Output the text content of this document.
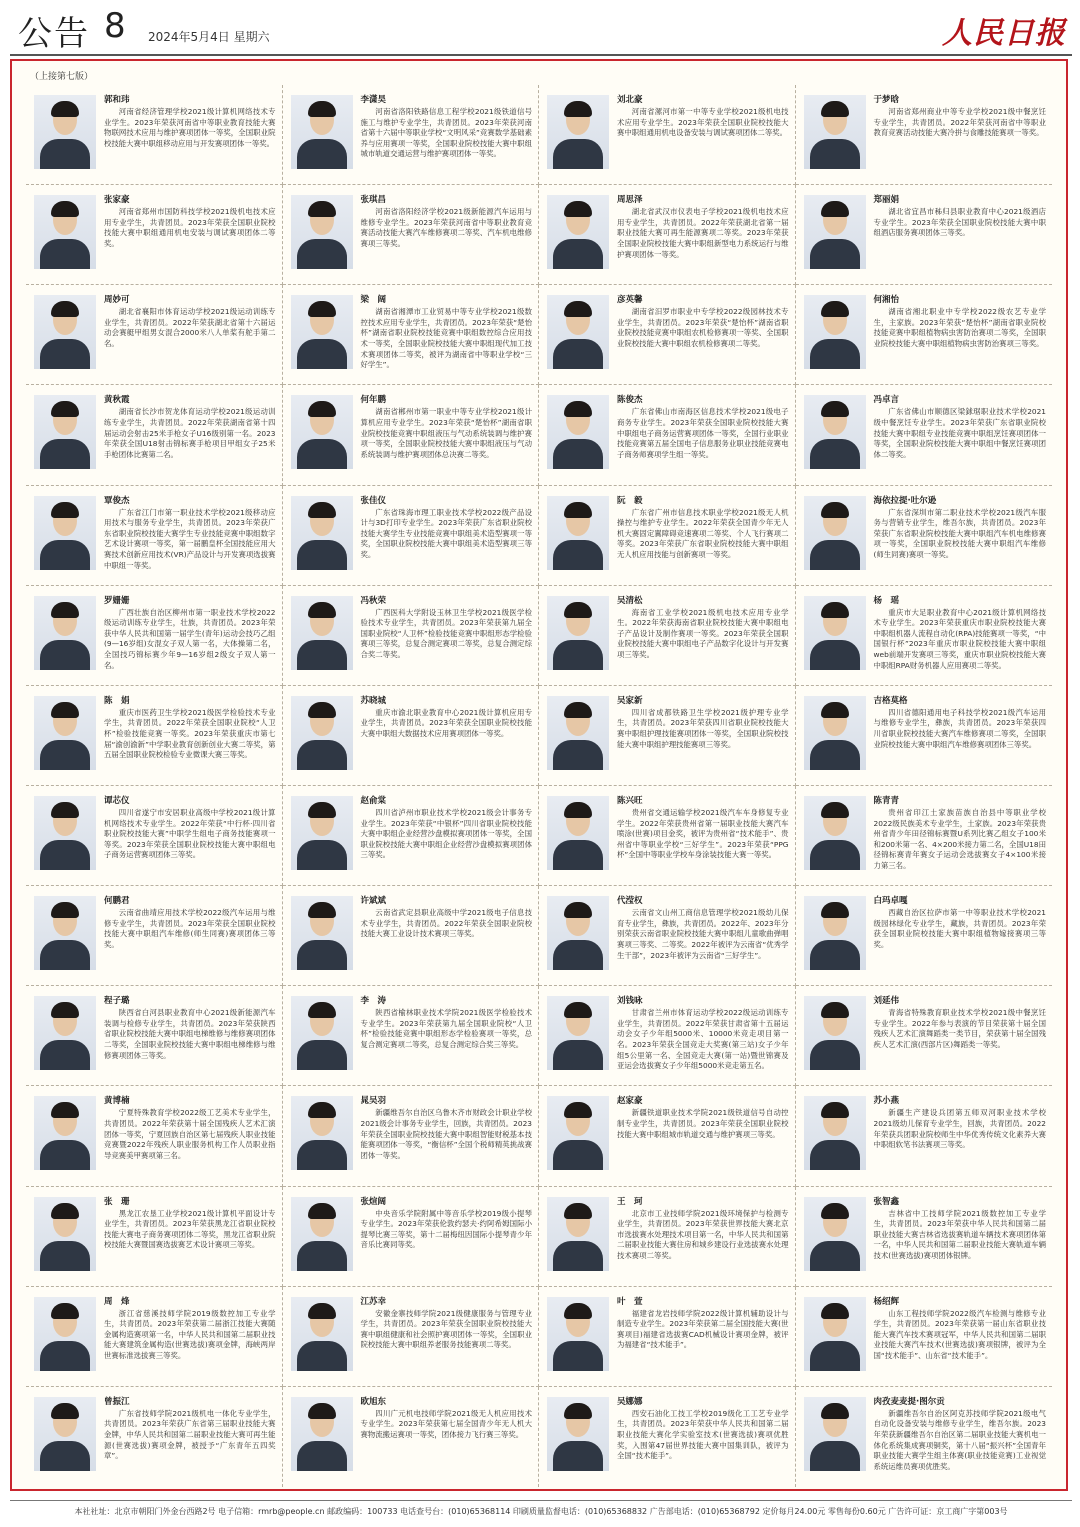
公告 8 2024年5月4日 星期六	人民日报
（上接第七版）
郭和玮

河南省经济管理学校2021级计算机网络技术专业学生。2023年荣获河南省中等职业教育技能大赛物联网技术应用与维护赛项团体一等奖，全国职业院校技能大赛中职组移动应用与开发赛项团体一等奖。

李潇昊

河南省洛阳铁路信息工程学校2021级铁道信号施工与维护专业学生，共青团员。2023年荣获河南省第十六届中等职业学校“文明风采”竞赛数学基础素养与应用赛项一等奖，全国职业院校技能大赛中职组城市轨道交通运营与维护赛项团体一等奖。

刘北豪

河南省漯河市第一中等专业学校2021级机电技术应用专业学生。2023年荣获全国职业院校技能大赛中职组通用机电设备安装与调试赛项团体二等奖。

于梦晗

河南省郑州商业中等专业学校2021级中餐烹饪专业学生，共青团员。2022年荣获河南省中等职业教育竞赛活动技能大赛冷拼与食雕技能赛项一等奖。

张家豪

河南省郑州市国防科技学校2021级机电技术应用专业学生，共青团员。2023年荣获全国职业院校技能大赛中职组通用机电安装与调试赛项团体二等奖。

张琪昌

河南省洛阳经济学校2021级新能源汽车运用与维修专业学生。2023年荣获河南省中等职业教育竞赛活动技能大赛汽车维修赛项二等奖、汽车机电维修赛项三等奖。

周思泽

湖北省武汉市仪表电子学校2021级机电技术应用专业学生，共青团员。2022年荣获湖北省第一届职业技能大赛可再生能源赛项二等奖。2023年荣获全国职业院校技能大赛中职组新型电力系统运行与维护赛项团体一等奖。

郑丽娟

湖北省宜昌市秭归县职业教育中心2021级酒店专业学生。2023年荣获全国职业院校技能大赛中职组酒店服务赛项团体三等奖。

周妙可

湖北省襄阳市体育运动学校2021级运动训练专业学生，共青团员。2022年荣获湖北省第十六届运动会赛艇甲组男女混合2000米八人单桨有舵手第二名。

梁　阔

湖南省湘潭市工业贸易中等专业学校2021级数控技术应用专业学生，共青团员。2023年荣获“楚怡杯”湖南省职业院校技能竞赛中职组数控综合应用技术一等奖，全国职业院校技能大赛中职组现代加工技术赛项团体二等奖，被评为湖南省中等职业学校“三好学生”。

彦英馨

湖南省汨罗市职业中专学校2022级园林技术专业学生，共青团员。2023年荣获“楚怡杯”湖南省职业院校技能竞赛中职组农机检修赛项一等奖、全国职业院校技能大赛中职组农机检修赛项二等奖。

何湘怡

湖南省湘北职业中专学校2022级农艺专业学生，主家族。2023年荣获“楚怡杯”湖南省职业院校技能竞赛中职组植物病虫害防治赛项二等奖，全国职业院校技能大赛中职组植物病虫害防治赛项三等奖。

黄秋霞

湖南省长沙市贺龙体育运动学校2021级运动训练专业学生，共青团员。2022年荣获湖南省第十四届运动会射击25米手枪女子U16级别第一名。2023年荣获全国U18射击锦标赛手枪项目甲组女子25米手枪团体比赛第二名。

何年鹏

湖南省郴州市第一职业中等专业学校2021级计算机应用专业学生。2023年荣获“楚怡杯”湖南省职业院校技能竞赛中职组液压与气动系统装调与维护赛项一等奖，全国职业院校技能大赛中职组液压与气动系统装调与维护赛项团体总决赛二等奖。

陈俊杰

广东省佛山市南海区信息技术学校2021级电子商务专业学生。2023年荣获全国职业院校技能大赛中职组电子商务运营赛项团体一等奖，全国行业职业技能竞赛第五届全国电子信息服务业职业技能竞赛电子商务师赛项学生组一等奖。

冯卓言

广东省佛山市顺德区梁銶琚职业技术学校2021级中餐烹饪专业学生。2023年荣获广东省职业院校技能大赛中职组专业技能竞赛中职组烹饪赛项团体一等奖，全国职业院校技能大赛中职组中餐烹饪赛项团体二等奖。

覃俊杰

广东省江门市第一职业技术学校2021级移动应用技术与服务专业学生，共青团员。2023年荣获广东省职业院校技能大赛学生专业技能竞赛中职组数字艺术设计赛项一等奖，第一届鹏皇杯全国技能应用大赛技术创新应用技术(VR)产品设计与开发赛项选拔赛中职组一等奖。

张佳仪

广东省珠海市理工职业技术学校2022级产品设计与3D打印专业学生。2023年荣获广东省职业院校技能大赛学生专业技能竞赛中职组美术造型赛项一等奖，全国职业院校技能大赛中职组美术造型赛项三等奖。

阮　毅

广东省广州市信息技术职业学校2021级无人机操控与维护专业学生。2022年荣获全国青少年无人机大赛固定翼障碍竞速赛项二等奖、个人飞行赛项二等奖。2023年荣获广东省职业院校技能大赛中职组无人机应用技能与创新赛项一等奖。

海依拉提·吐尔逊

广东省深圳市第二职业技术学校2021级汽车服务与营销专业学生，维吾尔族，共青团员。2023年荣获广东省职业院校技能大赛中职组汽车机电维修赛项一等奖，全国职业院校技能大赛中职组汽车维修(师生同赛)赛项一等奖。

罗姗姗

广西壮族自治区柳州市第一职业技术学校2022级运动训练专业学生，壮族，共青团员。2023年荣获中华人民共和国第一届学生(青年)运动会技巧乙组(9—16岁组)女混女子双人第一名，大体操第二名，全国技巧锦标赛少年9—16岁组2级女子双人第一名。

冯秋荣

广西医科大学附设玉林卫生学校2021级医学检验技术专业学生，共青团员。2023年荣获第九届全国职业院校“人卫杯”检验技能竞赛中职组形态学检验赛项三等奖，总复合测定赛项二等奖，总复合测定综合奖二等奖。

吴清松

海南省工业学校2021级机电技术应用专业学生。2022年荣获海南省职业院校技能大赛中职组电子产品设计及制作赛项一等奖。2023年荣获全国职业院校技能大赛中职组电子产品数字化设计与开发赛项三等奖。

杨　瑶

重庆市大足职业教育中心2021级计算机网络技术专业学生。2023年荣获重庆市职业院校技能大赛中职组机器人流程自动化(RPA)技能赛项一等奖，“中国银行杯”2023年重庆市职业院校技能大赛中职组web前端开发赛项三等奖，重庆市职业院校技能大赛中职组RPA财务机器人应用赛项二等奖。

陈　娟

重庆市医药卫生学校2021级医学检验技术专业学生，共青团员。2022年荣获全国职业院校“人卫杯”检验技能竞赛一等奖。2023年荣获重庆市第七届“渝创渝新”中学职业教育创新创业大赛二等奖，第五届全国职业院校检验专业微课大赛三等奖。

苏晓城

重庆市渝北职业教育中心2021级计算机应用专业学生，共青团员。2023年荣获全国职业院校技能大赛中职组大数据技术应用赛项团体一等奖。

吴家新

四川省成都铁路卫生学校2021级护理专业学生，共青团员。2023年荣获四川省职业院校技能大赛中职组护理技能赛项团体一等奖，全国职业院校技能大赛中职组护理技能赛项三等奖。

吉格莫格

四川省德阳通用电子科技学校2021级汽车运用与维修专业学生，彝族，共青团员。2023年荣获四川省职业院校技能大赛汽车维修赛项二等奖，全国职业院校技能大赛中职组汽车维修赛项团体三等奖。

谭芯仪

四川省遂宁市安居职业高级中学校2021级计算机网络技术专业学生。2022年荣获“中行杯·四川省职业院校技能大赛”中职学生组电子商务技能赛项一等奖。2023年荣获全国职业院校技能大赛中职组电子商务运营赛项团体三等奖。

赵俞棠

四川省泸州市职业技术学校2021级会计事务专业学生。2023年荣获“中银杯”四川省职业院校技能大赛中职组企业经营沙盘模拟赛项团体一等奖，全国职业院校技能大赛中职组企业经营沙盘模拟赛项团体三等奖。

陈兴旺

贵州省交通运输学校2021级汽车车身修复专业学生。2022年荣获贵州省第一届职业技能大赛汽车喷涂(世赛)项目金奖，被评为贵州省“技术能手”、贵州省中等职业学校“三好学生”。2023年荣获“PPG杯”全国中等职业学校车身涂装技能大赛一等奖。

陈青青

贵州省印江土家族苗族自治县中等职业学校2022级民族美术专业学生，土家族。2023年荣获贵州省青少年田径锦标赛暨U系列比赛乙组女子100米和200米第一名、4×200米接力第二名，全国U18田径锦标赛青年赛女子运动会选拔赛女子4×100米接力第三名。

何鹏君

云南省曲靖应用技术学校2022级汽车运用与维修专业学生，共青团员。2023年荣获全国职业院校技能大赛中职组汽车维修(师生同赛)赛项团体三等奖。

许斌斌

云南省武定县职业高级中学2021级电子信息技术专业学生，共青团员。2022年荣获全国职业院校技能大赛工业设计技术赛项三等奖。

代滢权

云南省文山州工商信息管理学校2021级幼儿保育专业学生，彝族，共青团员。2022年、2023年分别荣获云南省职业院校技能大赛中职组儿童歌曲弹唱赛项三等奖、二等奖。2022年被评为云南省“优秀学生干部”，2023年被评为云南省“三好学生”。

白玛卓嘎

西藏自治区拉萨市第一中等职业技术学校2021级园林绿化专业学生，藏族，共青团员。2023年荣获全国职业院校技能大赛中职组植物嫁接赛项三等奖。

程子璐

陕西省白河县职业教育中心2021级新能源汽车装调与检修专业学生，共青团员。2023年荣获陕西省职业院校技能大赛中职组电梯维修与维修赛项团体二等奖，全国职业院校技能大赛中职组电梯维修与维修赛项团体三等奖。

李　涛

陕西省榆林职业技术学院2021级医学检验技术专业学生。2023年荣获第九届全国职业院校“人卫杯”检验技能竞赛中职组形态学检验赛项一等奖，总复合测定赛项二等奖，总复合测定综合奖三等奖。

刘钱咏

甘肃省兰州市体育运动学校2022级运动训练专业学生，共青团员。2022年荣获甘肃省第十五届运动会女子少年组5000米、10000米竞走项目第一名。2023年荣获全国竞走大奖赛(第三站)女子少年组5公里第一名、全国竞走大赛(第一站)暨世锦赛及亚运会选拔赛女子少年组5000米竞走第五名。

刘延伟

青海省特殊教育职业技术学校2021级中餐烹饪专业学生。2022年参与表演的节目荣获第十届全国残疾人艺术汇演舞蹈类一类节目，荣获第十届全国残疾人艺术汇演(西部片区)舞蹈类一等奖。

黄博楠

宁夏特殊教育学校2022级工艺美术专业学生，共青团员。2022年荣获第十届全国残疾人艺术汇演团体一等奖，宁夏回族自治区第七届残疾人职业技能竞赛暨2022年残疾人职业服务机构工作人员职业指导竞赛美甲赛项第三名。

晁吴羽

新疆维吾尔自治区乌鲁木齐市财政会计职业学校2021级会计事务专业学生，回族，共青团员。2023年荣获全国职业院校技能大赛中职组智能财税基本技能赛项团体一等奖，“衡信杯”全国个税师精英挑战赛团体一等奖。

赵家豪

新疆铁道职业技术学院2021级铁道信号自动控制专业学生，共青团员。2023年荣获全国职业院校技能大赛中职组城市轨道交通与维护赛项三等奖。

苏小燕

新疆生产建设兵团第五师双河职业技术学校2021级幼儿保育专业学生，回族，共青团员。2022年荣获兵团职业院校师生中华优秀传统文化素养大赛中职组软笔书法赛项三等奖。

张　珊

黑龙江农垦工业学校2021级计算机平面设计专业学生，共青团员。2023年荣获黑龙江省职业院校技能大赛电子商务赛项团体二等奖，黑龙江省职业院校技能大赛暨国赛选拔赛艺术设计赛项三等奖。

张煊阔

中央音乐学院附属中等音乐学校2019级小提琴专业学生。2023年荣获伦敦约瑟夫·约阿希姆国际小提琴比赛三等奖，第十二届梅纽因国际小提琴青少年音乐比赛同等奖。

王　珂

北京市工业技师学院2021级环境保护与检测专业学生，共青团员。2023年荣获世界技能大赛北京市选拔赛水处理技术项目第一名，中华人民共和国第二届职业技能大赛住房和城乡建设行业选拔赛水处理技术赛项二等奖。

张智鑫

吉林省中工技师学院2021级数控加工专业学生，共青团员。2023年荣获中华人民共和国第二届职业技能大赛吉林省选拔赛轨道车辆技术赛项团体第一名，中华人民共和国第二届职业技能大赛轨道车辆技术(世赛选拔)赛项团体银牌。

周　烽

浙江省慈溪技师学院2019级数控加工专业学生，共青团员。2023年荣获第二届浙江技能大赛随金属构造赛项第一名，中华人民共和国第二届职业技能大赛建筑金属构造(世赛选拔)赛项金牌，海峡两岸世赛标准选拔赛三等奖。

江苏幸

安徽金寨技师学院2021级健康服务与管理专业学生，共青团员。2023年荣获全国职业院校技能大赛中职组健康和社会照护赛项团体一等奖，全国职业院校技能大赛中职组养老服务技能赛项二等奖。

叶　萱

福建省龙岩技师学院2022级计算机辅助设计与制造专业学生。2023年荣获第二届全国技能大赛(世赛项目)福建省选拔赛CAD机械设计赛项金牌，被评为福建省“技术能手”。

杨绍辉

山东工程技师学院2022级汽车检测与维修专业学生，共青团员。2023年荣获第一届山东省职业技能大赛汽车技术赛项冠军，中华人民共和国第二届职业技能大赛汽车技术(世赛选拔)赛项银牌，被评为全国“技术能手”、山东省“技术能手”。

曾振江

广东省技师学院2021级机电一体化专业学生，共青团员。2023年荣获广东省第三届职业技能大赛金牌，中华人民共和国第二届职业技能大赛可再生能源(世赛选拔)赛项金牌，被授予“广东青年五四奖章”。

欧旭东

四川广元机电技师学院2021级无人机应用技术专业学生。2023年荣获第七届全国青少年无人机大赛物流搬运赛项一等奖，团体接力飞行赛三等奖。

吴娜娜

西安石油化工技工学校2019级化工工艺专业学生，共青团员。2023年荣获中华人民共和国第二届职业技能大赛化学实验室技术(世赛选拔)赛项优胜奖，入围第47届世界技能大赛中国集训队，被评为全国“技术能手”。

肉孜麦麦提·图尔贡

新疆维吾尔自治区阿克苏技师学院2021级电气自动化设备安装与维修专业学生，维吾尔族。2023年荣获新疆维吾尔自治区第二届职业技能大赛机电一体化系统集成赛项铜奖，第十八届“振兴杯”全国青年职业技能大赛学生组主体赛(职业技能竞赛)工业视觉系统运维员赛项优胜奖。

本社社址：北京市朝阳门外金台西路2号 电子信箱：rmrb@people.cn 邮政编码：100733 电话查号台：(010)65368114 印刷质量监督电话：(010)65368832 广告部电话：(010)65368792 定价每月24.00元 零售每份0.60元 广告许可证：京工商广字第003号
